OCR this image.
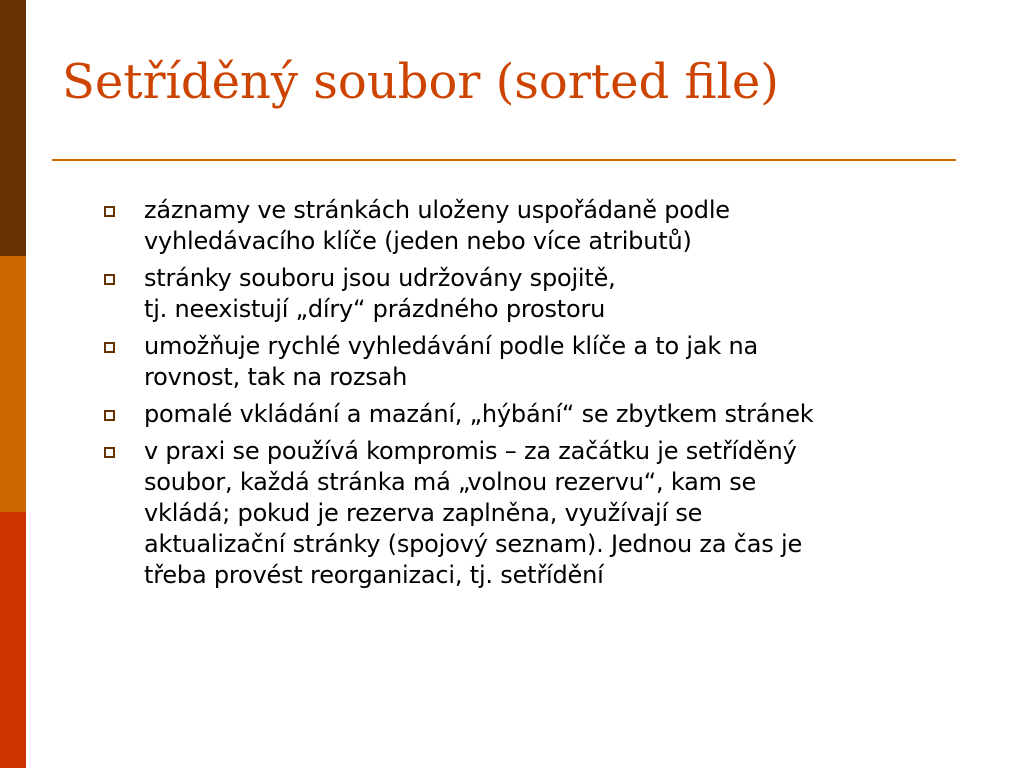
Setříděný soubor (sorted file)
záznamy ve stránkách uloženy uspořádaně podle
vyhledávacího klíče (jeden nebo více atributů)
stránky souboru jsou udržovány spojitě,
tj. neexistují „díry“ prázdného prostoru
umožňuje rychlé vyhledávání podle klíče a to jak na
rovnost, tak na rozsah
pomalé vkládání a mazání, „hýbání“ se zbytkem stránek
v praxi se používá kompromis – za začátku je setříděný
soubor, každá stránka má „volnou rezervu“, kam se
vkládá; pokud je rezerva zaplněna, využívají se
aktualizační stránky (spojový seznam). Jednou za čas je
třeba provést reorganizaci, tj. setřídění
